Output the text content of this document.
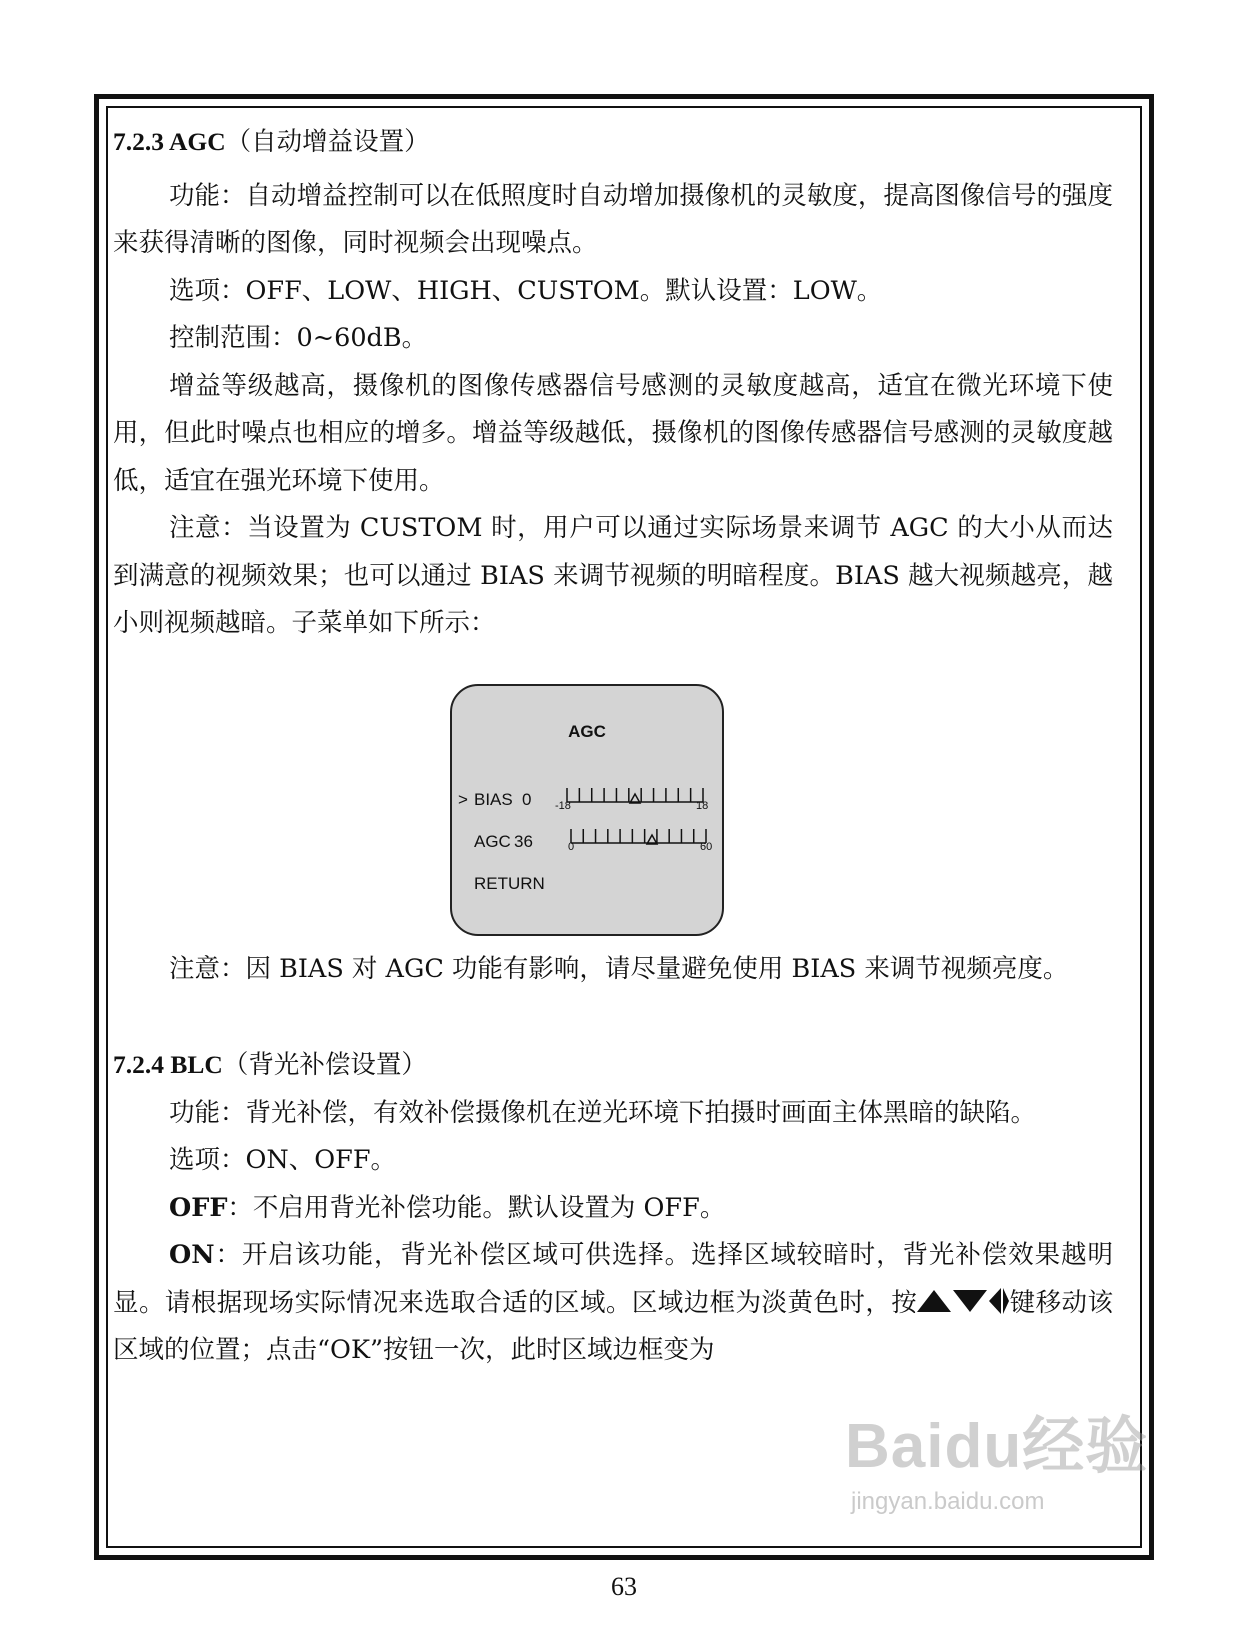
7.2.3 AGC（自动增益设置）

功能：自动增益控制可以在低照度时自动增加摄像机的灵敏度，提高图像信号的强度来获得清晰的图像，同时视频会出现噪点。

选项：OFF、LOW、HIGH、CUSTOM。默认设置：LOW。

控制范围：0~60dB。

增益等级越高，摄像机的图像传感器信号感测的灵敏度越高，适宜在微光环境下使用，但此时噪点也相应的增多。增益等级越低，摄像机的图像传感器信号感测的灵敏度越低，适宜在强光环境下使用。

注意：当设置为 CUSTOM 时，用户可以通过实际场景来调节 AGC 的大小从而达到满意的视频效果；也可以通过 BIAS 来调节视频的明暗程度。BIAS 越大视频越亮，越小则视频越暗。子菜单如下所示：

AGC
> BIAS 0
AGC 36
RETURN
-18	18
0	60

注意：因 BIAS 对 AGC 功能有影响，请尽量避免使用 BIAS 来调节视频亮度。

7.2.4 BLC（背光补偿设置）

功能：背光补偿，有效补偿摄像机在逆光环境下拍摄时画面主体黑暗的缺陷。

选项：ON、OFF。

OFF：不启用背光补偿功能。默认设置为 OFF。

ON：开启该功能，背光补偿区域可供选择。选择区域较暗时，背光补偿效果越明显。请根据现场实际情况来选取合适的区域。区域边框为淡黄色时，按	键移动该区域的位置；点击“OK”按钮一次，此时区域边框变为

63
Baidu经验
jingyan.baidu.com
